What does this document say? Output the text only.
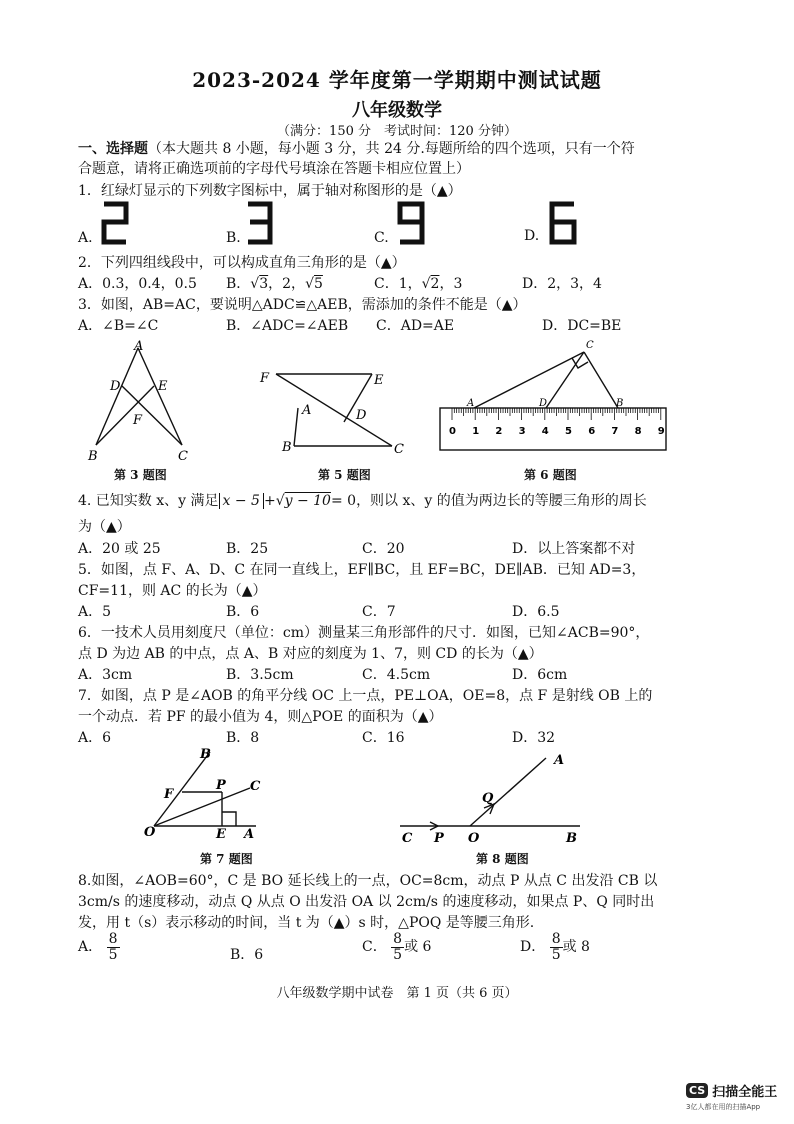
2023-2024 学年度第一学期期中测试试题
八年级数学
（满分：150 分　考试时间：120 分钟）
一、选择题（本大题共 8 小题，每小题 3 分，共 24 分.每题所给的四个选项，只有一个符
合题意，请将正确选项前的字母代号填涂在答题卡相应位置上）
1．红绿灯显示的下列数字图标中，属于轴对称图形的是（▲）
A.	B.	C.	D.
2．下列四组线段中，可以构成直角三角形的是（▲）
A．0.3，0.4，0.5 B．√3，2，√5	C．1，√2，3	D．2，3，4
3．如图，AB=AC，要说明△ADC≌△AEB，需添加的条件不能是（▲）
A．∠B=∠C	B．∠ADC=∠AEB C．AD=AE	D．DC=BE
A
D	E
F
B	C
F	E
A	D
B	C
0 1 2 3 4 5 6 7 8 9
C
A	D	B
第 3 题图	第 5 题图	第 6 题图
4. 已知实数 x、y 满足 x − 5 +√y − 10= 0，则以 x、y 的值为两边长的等腰三角形的周长
为（▲）
A．20 或 25	B．25	C．20	D．以上答案都不对
5．如图，点 F、A、D、C 在同一直线上，EF∥BC，且 EF=BC，DE∥AB．已知 AD=3，
CF=11，则 AC 的长为（▲）
A．5	B．6	C．7	D．6.5
6．一技术人员用刻度尺（单位：cm）测量某三角形部件的尺寸．如图，已知∠ACB=90°，
点 D 为边 AB 的中点，点 A、B 对应的刻度为 1、7，则 CD 的长为（▲）
A．3cm	B．3.5cm	C．4.5cm	D．6cm
7．如图，点 P 是∠AOB 的角平分线 OC 上一点，PE⊥OA，OE=8，点 F 是射线 OB 上的
一个动点．若 PF 的最小值为 4，则△POE 的面积为（▲）
A．6	B．8	C．16	D．32
B
F
P C
O	E A
A
Q
C P O	B
第 7 题图	第 8 题图
8.如图，∠AOB=60°，C 是 BO 延长线上的一点，OC=8cm，动点 P 从点 C 出发沿 CB 以
3cm/s 的速度移动，动点 Q 从点 O 出发沿 OA 以 2cm/s 的速度移动，如果点 P、Q 同时出
发，用 t（s）表示移动的时间，当 t 为（▲）s 时，△POQ 是等腰三角形.
A． $\frac{8}{5}$	B．6	C． $\frac{8}{5}$ 或 6	D． $\frac{8}{5}$ 或 8
八年级数学期中试卷　第 1 页（共 6 页）
CS 扫描全能王
3亿人都在用的扫描App
